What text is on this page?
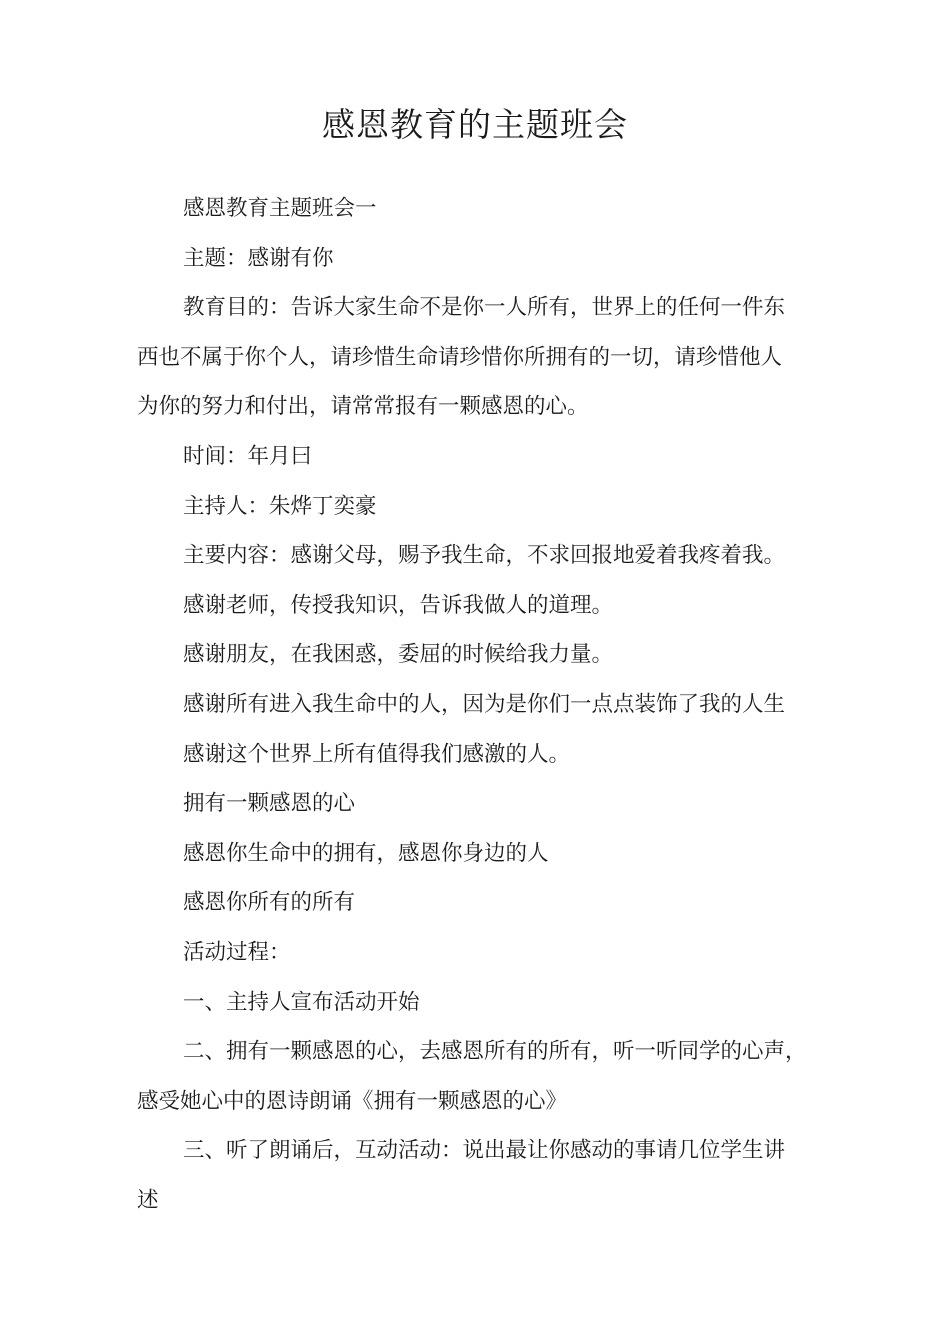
感恩教育的主题班会
感恩教育主题班会一
主题：感谢有你
教育目的：告诉大家生命不是你一人所有，世界上的任何一件东
西也不属于你个人，请珍惜生命请珍惜你所拥有的一切，请珍惜他人
为你的努力和付出，请常常报有一颗感恩的心。
时间：年月曰
主持人：朱烨丁奕豪
主要内容：感谢父母，赐予我生命，不求回报地爱着我疼着我。
感谢老师，传授我知识，告诉我做人的道理。
感谢朋友，在我困惑，委屈的时候给我力量。
感谢所有进入我生命中的人，因为是你们一点点装饰了我的人生
感谢这个世界上所有值得我们感激的人。
拥有一颗感恩的心
感恩你生命中的拥有，感恩你身边的人
感恩你所有的所有
活动过程：
一、主持人宣布活动开始
二、拥有一颗感恩的心，去感恩所有的所有，听一听同学的心声，
感受她心中的恩诗朗诵《拥有一颗感恩的心》
三、听了朗诵后，互动活动：说出最让你感动的事请几位学生讲
述
